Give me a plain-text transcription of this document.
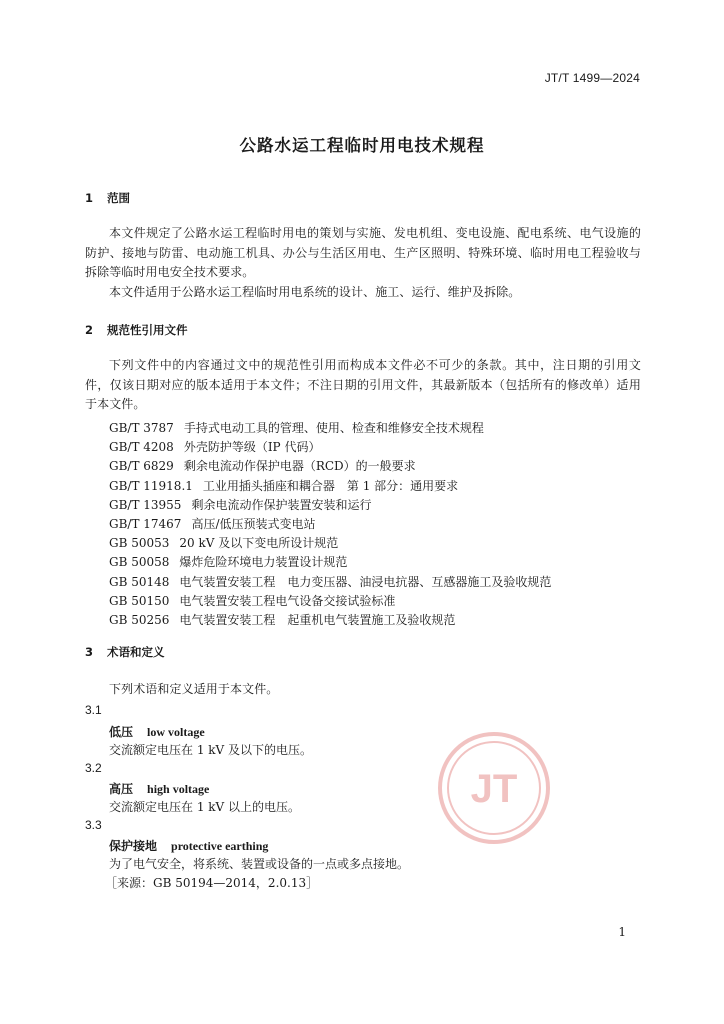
JT/T 1499—2024
公路水运工程临时用电技术规程
1 范围
本文件规定了公路水运工程临时用电的策划与实施、发电机组、变电设施、配电系统、电气设施的防护、接地与防雷、电动施工机具、办公与生活区用电、生产区照明、特殊环境、临时用电工程验收与拆除等临时用电安全技术要求。
本文件适用于公路水运工程临时用电系统的设计、施工、运行、维护及拆除。
2 规范性引用文件
下列文件中的内容通过文中的规范性引用而构成本文件必不可少的条款。其中，注日期的引用文件，仅该日期对应的版本适用于本文件；不注日期的引用文件，其最新版本（包括所有的修改单）适用于本文件。
GB/T 3787 手持式电动工具的管理、使用、检查和维修安全技术规程
GB/T 4208 外壳防护等级（IP 代码）
GB/T 6829 剩余电流动作保护电器（RCD）的一般要求
GB/T 11918.1 工业用插头插座和耦合器　第 1 部分：通用要求
GB/T 13955 剩余电流动作保护装置安装和运行
GB/T 17467 高压/低压预装式变电站
GB 50053 20 kV 及以下变电所设计规范
GB 50058 爆炸危险环境电力装置设计规范
GB 50148 电气装置安装工程　电力变压器、油浸电抗器、互感器施工及验收规范
GB 50150 电气装置安装工程电气设备交接试验标准
GB 50256 电气装置安装工程　起重机电气装置施工及验收规范
3 术语和定义
下列术语和定义适用于本文件。
3.1
低压 low voltage
交流额定电压在 1 kV 及以下的电压。
3.2
高压 high voltage
交流额定电压在 1 kV 以上的电压。
3.3
保护接地 protective earthing
为了电气安全，将系统、装置或设备的一点或多点接地。
［来源：GB 50194—2014，2.0.13］
JT
1
